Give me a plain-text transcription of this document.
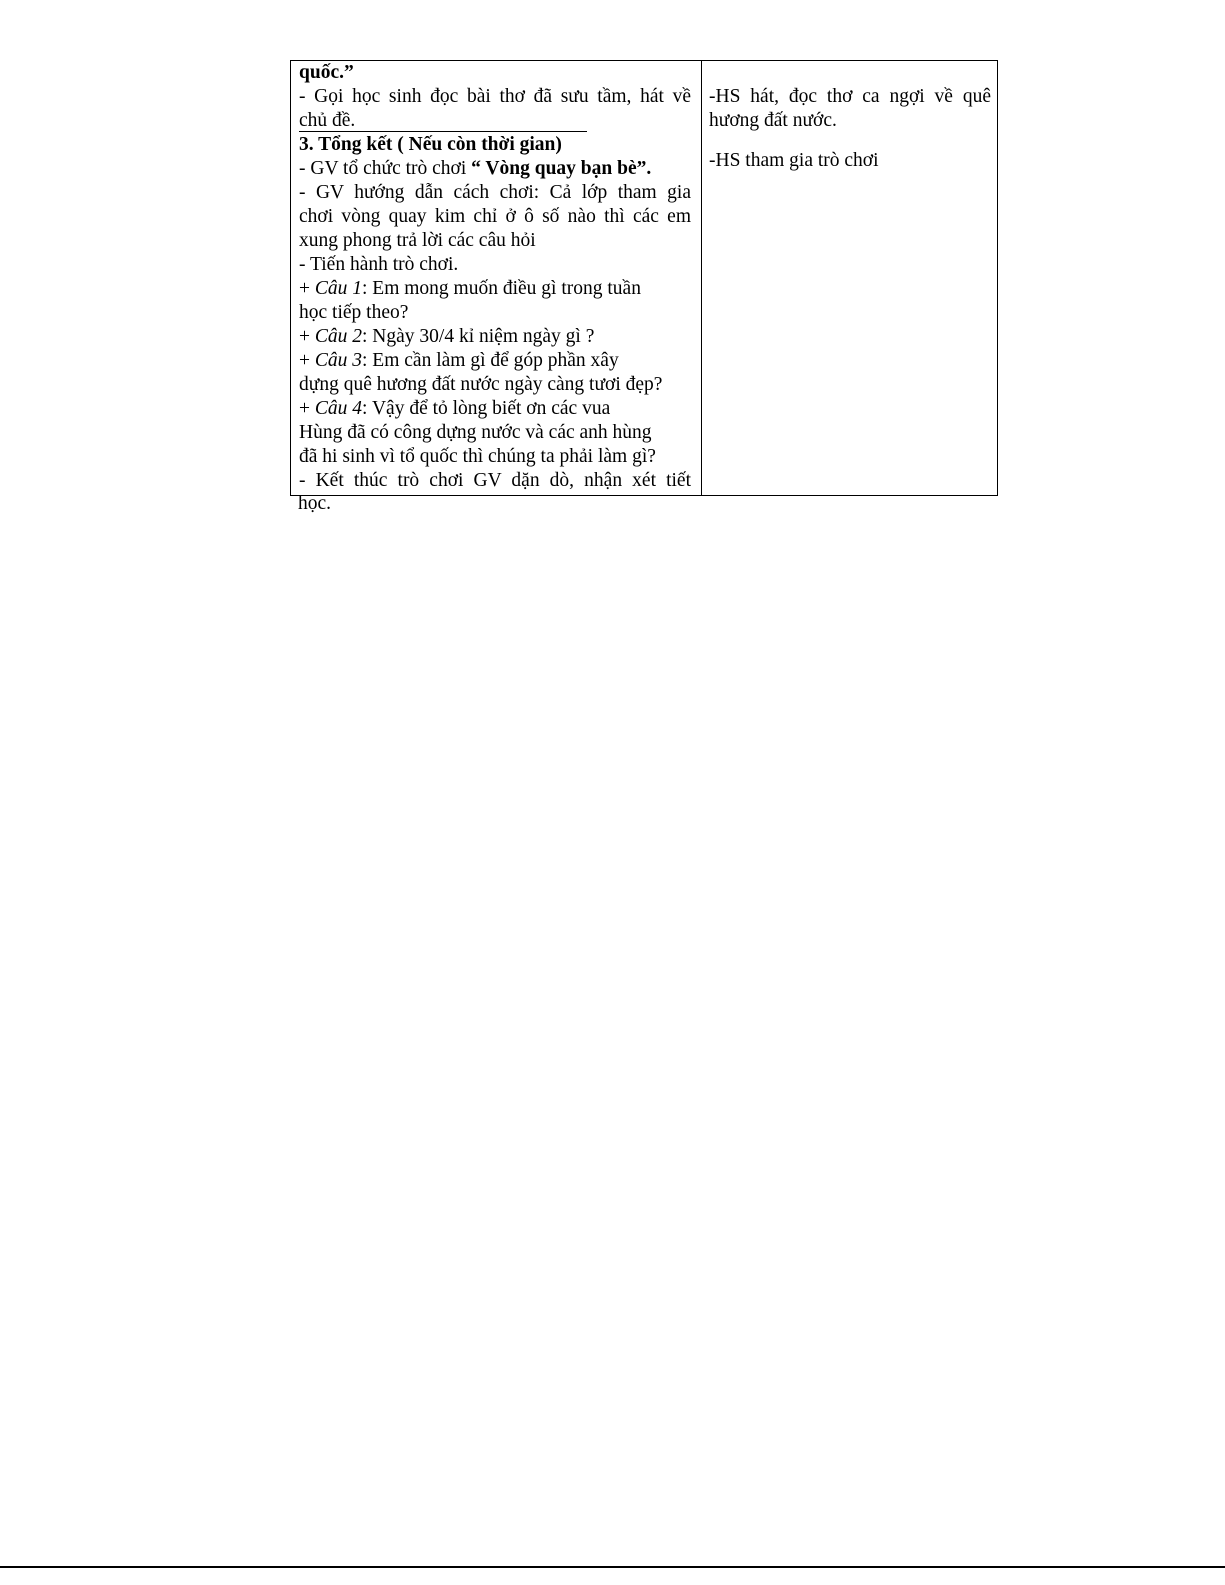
quốc.”
- Gọi học sinh đọc bài thơ đã sưu tầm, hát về
chủ đề.
3. Tổng kết ( Nếu còn thời gian)
- GV tổ chức trò chơi “ Vòng quay bạn bè”.
- GV hướng dẫn cách chơi: Cả lớp tham gia
chơi vòng quay kim chỉ ở ô số nào thì các em
xung phong trả lời các câu hỏi
- Tiến hành trò chơi.
+ Câu 1: Em mong muốn điều gì trong tuần
học tiếp theo?
+ Câu 2: Ngày 30/4 kỉ niệm ngày gì ?
+ Câu 3: Em cần làm gì để góp phần xây
dựng quê hương đất nước ngày càng tươi đẹp?
+ Câu 4: Vậy để tỏ lòng biết ơn các vua
Hùng đã có công dựng nước và các anh hùng
đã hi sinh vì tổ quốc thì chúng ta phải làm gì?
- Kết thúc trò chơi GV dặn dò, nhận xét tiết
-HS hát, đọc thơ ca ngợi về quê
hương đất nước.
-HS tham gia trò chơi
học.
